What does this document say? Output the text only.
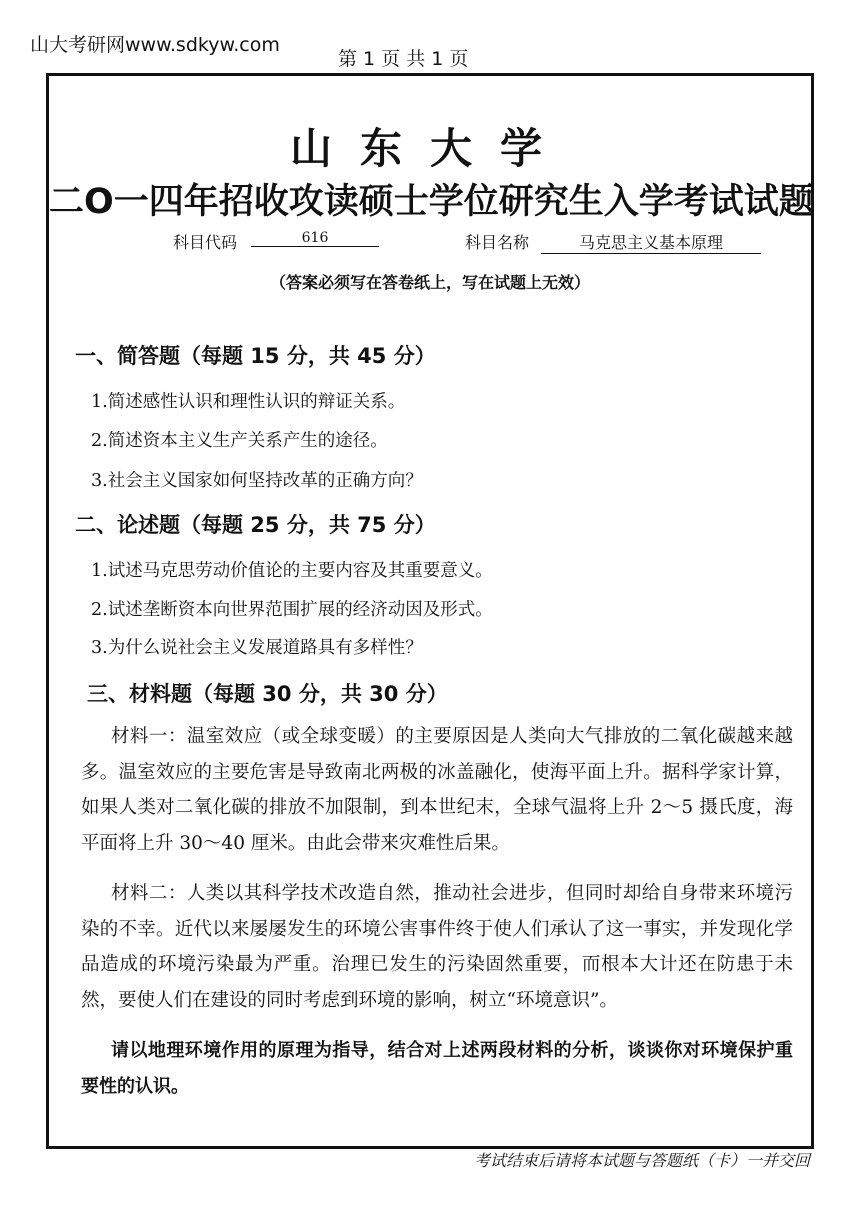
山大考研网www.sdkyw.com
第 1 页 共 1 页
山东大学
二O一四年招收攻读硕士学位研究生入学考试试题
科目代码	616	科目名称	马克思主义基本原理
（答案必须写在答卷纸上，写在试题上无效）
一、简答题（每题 15 分，共 45 分）
1.简述感性认识和理性认识的辩证关系。
2.简述资本主义生产关系产生的途径。
3.社会主义国家如何坚持改革的正确方向？
二、论述题（每题 25 分，共 75 分）
1.试述马克思劳动价值论的主要内容及其重要意义。
2.试述垄断资本向世界范围扩展的经济动因及形式。
3.为什么说社会主义发展道路具有多样性？
三、材料题（每题 30 分，共 30 分）

材料一：温室效应（或全球变暖）的主要原因是人类向大气排放的二氧化碳越来越多。温室效应的主要危害是导致南北两极的冰盖融化，使海平面上升。据科学家计算，如果人类对二氧化碳的排放不加限制，到本世纪末，全球气温将上升 2～5 摄氏度，海平面将上升 30～40 厘米。由此会带来灾难性后果。

材料二：人类以其科学技术改造自然，推动社会进步，但同时却给自身带来环境污染的不幸。近代以来屡屡发生的环境公害事件终于使人们承认了这一事实，并发现化学品造成的环境污染最为严重。治理已发生的污染固然重要，而根本大计还在防患于未然，要使人们在建设的同时考虑到环境的影响，树立“环境意识”。

请以地理环境作用的原理为指导，结合对上述两段材料的分析，谈谈你对环境保护重要性的认识。

考试结束后请将本试题与答题纸（卡）一并交回
